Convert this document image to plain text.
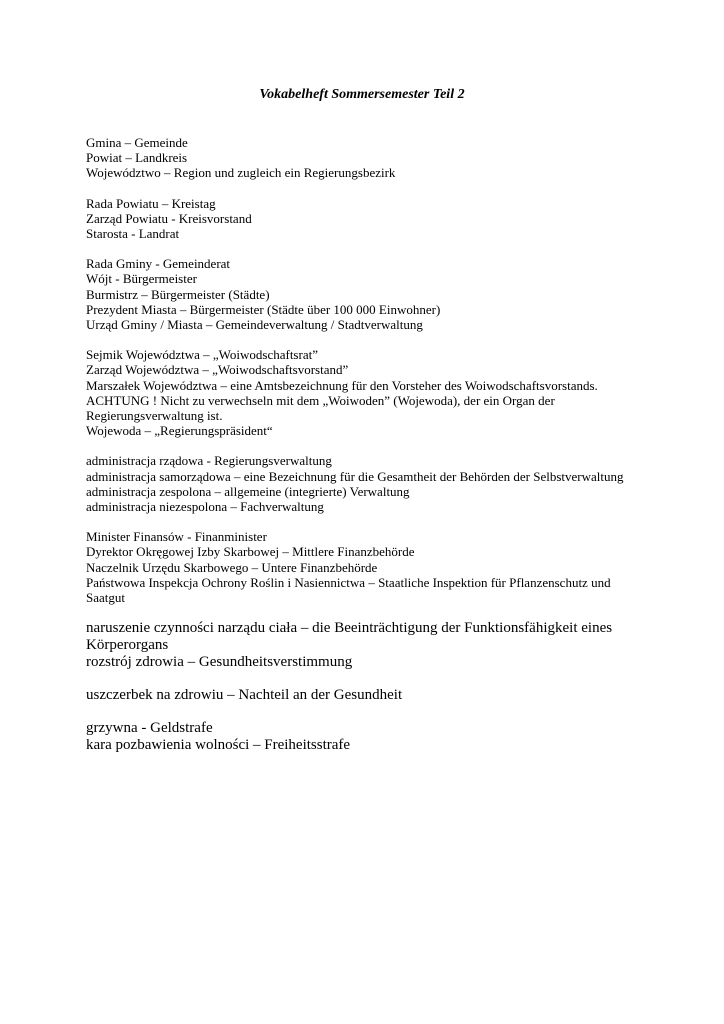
Vokabelheft Sommersemester Teil 2
Gmina – Gemeinde
Powiat – Landkreis
Województwo – Region und zugleich ein Regierungsbezirk
Rada Powiatu – Kreistag
Zarząd Powiatu - Kreisvorstand
Starosta - Landrat
Rada Gminy - Gemeinderat
Wójt - Bürgermeister
Burmistrz – Bürgermeister (Städte)
Prezydent Miasta – Bürgermeister (Städte über 100 000 Einwohner)
Urząd Gminy / Miasta – Gemeindeverwaltung / Stadtverwaltung
Sejmik Województwa – „Woiwodschaftsrat”
Zarząd Województwa – „Woiwodschaftsvorstand”
Marszałek Województwa – eine Amtsbezeichnung für den Vorsteher des Woiwodschaftsvorstands.
ACHTUNG ! Nicht zu verwechseln mit dem „Woiwoden” (Wojewoda), der ein Organ der Regierungsverwaltung ist.
Wojewoda – „Regierungspräsident“
administracja rządowa - Regierungsverwaltung
administracja samorządowa – eine Bezeichnung für die Gesamtheit der Behörden der Selbstverwaltung
administracja zespolona – allgemeine (integrierte) Verwaltung
administracja niezespolona – Fachverwaltung
Minister Finansów - Finanminister
Dyrektor Okręgowej Izby Skarbowej – Mittlere Finanzbehörde
Naczelnik Urzędu Skarbowego – Untere Finanzbehörde
Państwowa Inspekcja Ochrony Roślin i Nasiennictwa – Staatliche Inspektion für Pflanzenschutz und Saatgut
naruszenie czynności narządu ciała – die Beeinträchtigung der Funktionsfähigkeit eines Körperorgans
rozstrój zdrowia – Gesundheitsverstimmung
uszczerbek na zdrowiu – Nachteil an der Gesundheit
grzywna - Geldstrafe
kara pozbawienia wolności – Freiheitsstrafe
